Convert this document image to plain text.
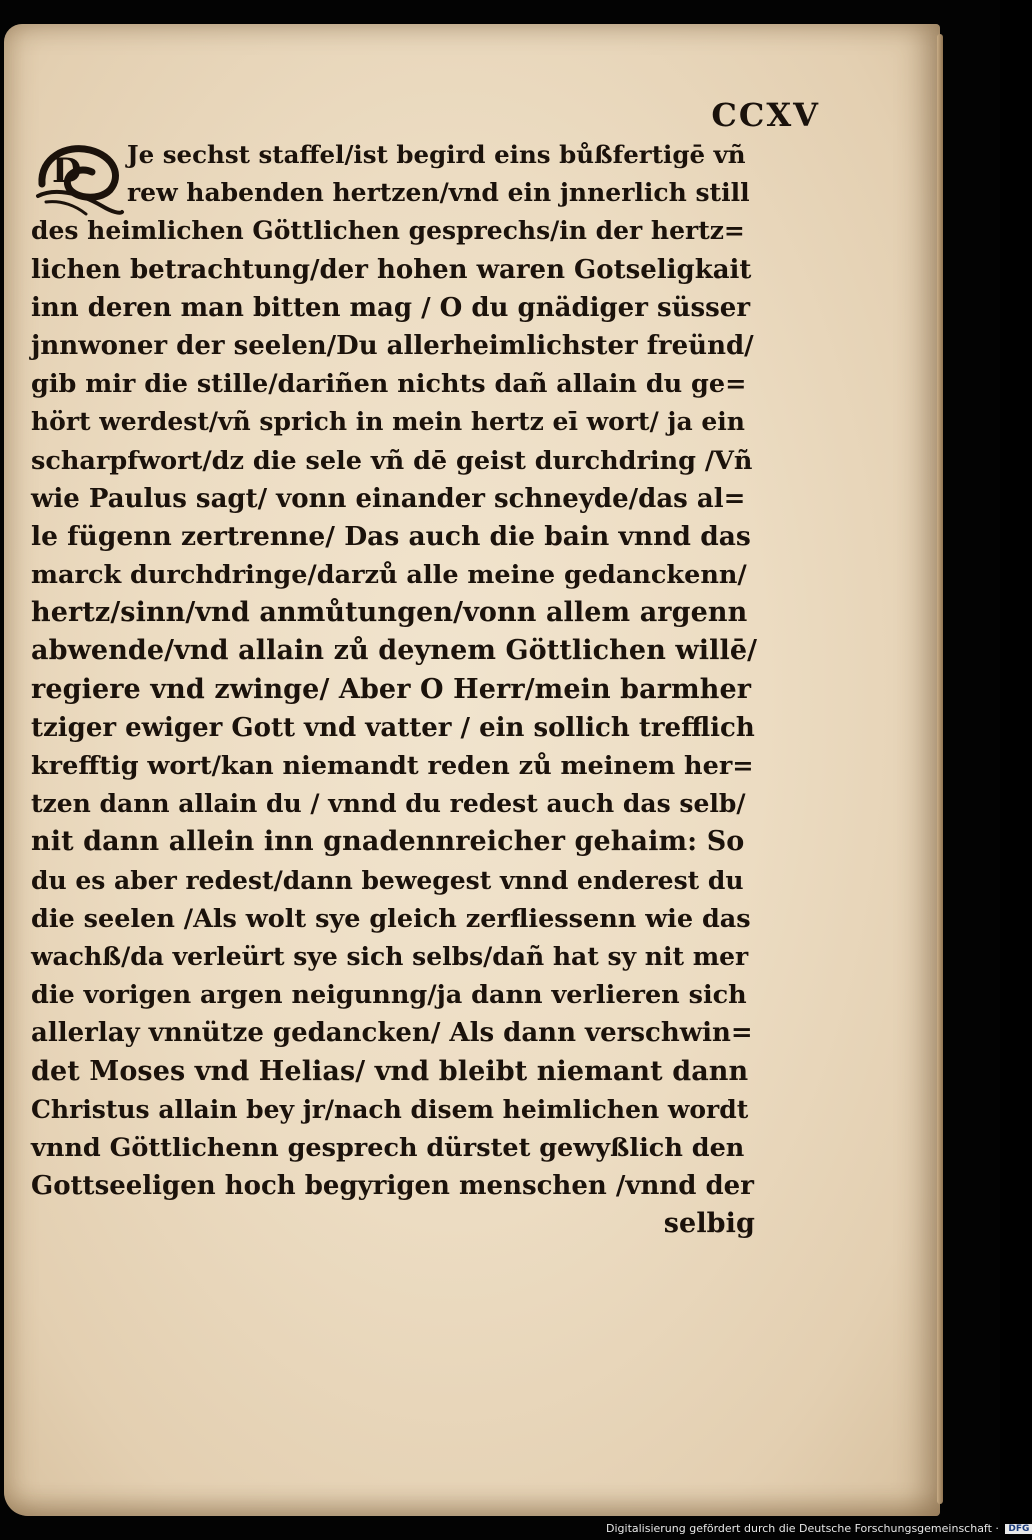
CCXV
D	Je sechst staffel/ist begird eins bůßfertigē vñ
rew habenden hertzen/vnd ein jnnerlich still
des heimlichen Göttlichen gesprechs/in der hertz=
lichen betrachtung/der hohen waren Gotseligkait
inn deren man bitten mag / O du gnädiger süsser
jnnwoner der seelen/Du allerheimlichster freünd/
gib mir die stille/dariñen nichts dañ allain du ge=
hört werdest/vñ sprich in mein hertz eī wort/ ja ein
scharpfwort/dz die sele vñ dē geist durchdring /Vñ
wie Paulus sagt/ vonn einander schneyde/das al=
le fügenn zertrenne/ Das auch die bain vnnd das
marck durchdringe/darzů alle meine gedanckenn/
hertz/sinn/vnd anmůtungen/vonn allem argenn
abwende/vnd allain zů deynem Göttlichen willē/
regiere vnd zwinge/ Aber O Herr/mein barmher
tziger ewiger Gott vnd vatter / ein sollich trefflich
krefftig wort/kan niemandt reden zů meinem her=
tzen dann allain du / vnnd du redest auch das selb/
nit dann allein inn gnadennreicher gehaim: So
du es aber redest/dann bewegest vnnd enderest du
die seelen /Als wolt sye gleich zerfliessenn wie das
wachß/da verleürt sye sich selbs/dañ hat sy nit mer
die vorigen argen neigunng/ja dann verlieren sich
allerlay vnnütze gedancken/ Als dann verschwin=
det Moses vnd Helias/ vnd bleibt niemant dann
Christus allain bey jr/nach disem heimlichen wordt
vnnd Göttlichenn gesprech dürstet gewyßlich den
Gottseeligen hoch begyrigen menschen /vnnd der
selbig
Digitalisierung gefördert durch die Deutsche Forschungsgemeinschaft · DFG
